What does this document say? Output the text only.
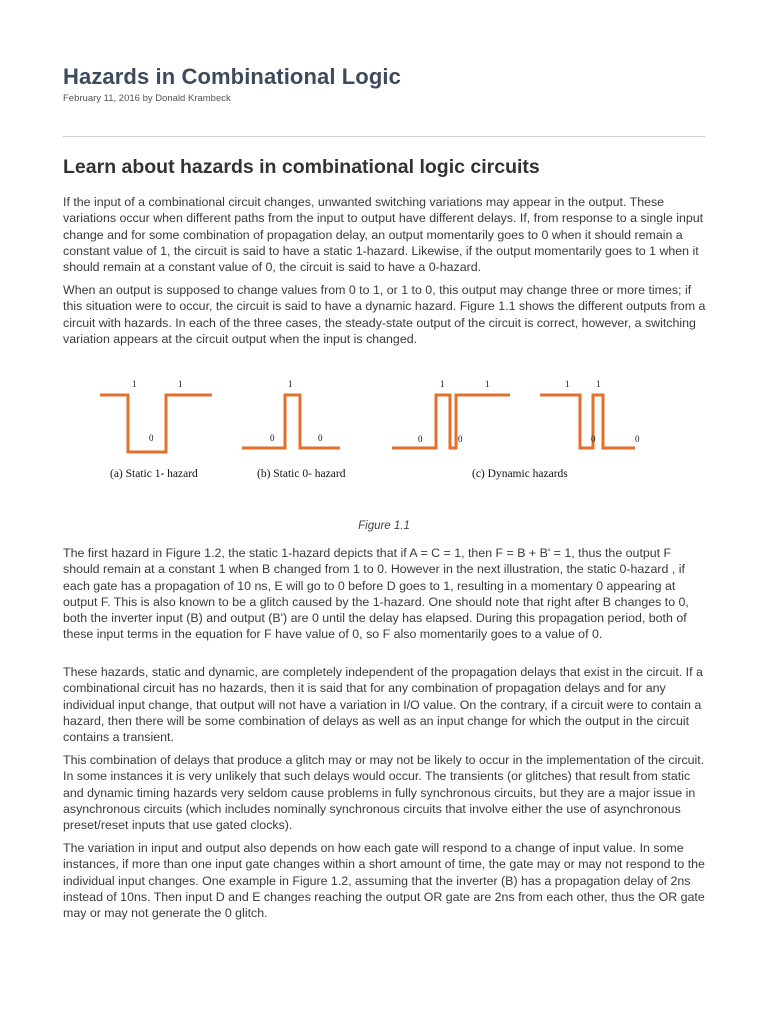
Hazards in Combinational Logic
February 11, 2016 by Donald Krambeck
Learn about hazards in combinational logic circuits

If the input of a combinational circuit changes, unwanted switching variations may appear in the output. These variations occur when different paths from the input to output have different delays. If, from response to a single input change and for some combination of propagation delay, an output momentarily goes to 0 when it should remain a constant value of 1, the circuit is said to have a static 1-hazard. Likewise, if the output momentarily goes to 1 when it should remain at a constant value of 0, the circuit is said to have a 0-hazard.

When an output is supposed to change values from 0 to 1, or 1 to 0, this output may change three or more times; if this situation were to occur, the circuit is said to have a dynamic hazard. Figure 1.1 shows the different outputs from a circuit with hazards. In each of the three cases, the steady-state output of the circuit is correct, however, a switching variation appears at the circuit output when the input is changed.

1	1
0
1
0	0
1	1
0	0
1	1
0	0
(a) Static 1- hazard	(b) Static 0- hazard	(c) Dynamic hazards
Figure 1.1

The first hazard in Figure 1.2, the static 1-hazard depicts that if A = C = 1, then F = B + B' = 1, thus the output F should remain at a constant 1 when B changed from 1 to 0. However in the next illustration, the static 0-hazard , if each gate has a propagation of 10 ns, E will go to 0 before D goes to 1, resulting in a momentary 0 appearing at output F. This is also known to be a glitch caused by the 1-hazard. One should note that right after B changes to 0, both the inverter input (B) and output (B') are 0 until the delay has elapsed. During this propagation period, both of these input terms in the equation for F have value of 0, so F also momentarily goes to a value of 0.

These hazards, static and dynamic, are completely independent of the propagation delays that exist in the circuit. If a combinational circuit has no hazards, then it is said that for any combination of propagation delays and for any individual input change, that output will not have a variation in I/O value. On the contrary, if a circuit were to contain a hazard, then there will be some combination of delays as well as an input change for which the output in the circuit contains a transient.

This combination of delays that produce a glitch may or may not be likely to occur in the implementation of the circuit. In some instances it is very unlikely that such delays would occur. The transients (or glitches) that result from static and dynamic timing hazards very seldom cause problems in fully synchronous circuits, but they are a major issue in asynchronous circuits (which includes nominally synchronous circuits that involve either the use of asynchronous preset/reset inputs that use gated clocks).

The variation in input and output also depends on how each gate will respond to a change of input value. In some instances, if more than one input gate changes within a short amount of time, the gate may or may not respond to the individual input changes. One example in Figure 1.2, assuming that the inverter (B) has a propagation delay of 2ns instead of 10ns. Then input D and E changes reaching the output OR gate are 2ns from each other, thus the OR gate may or may not generate the 0 glitch.
